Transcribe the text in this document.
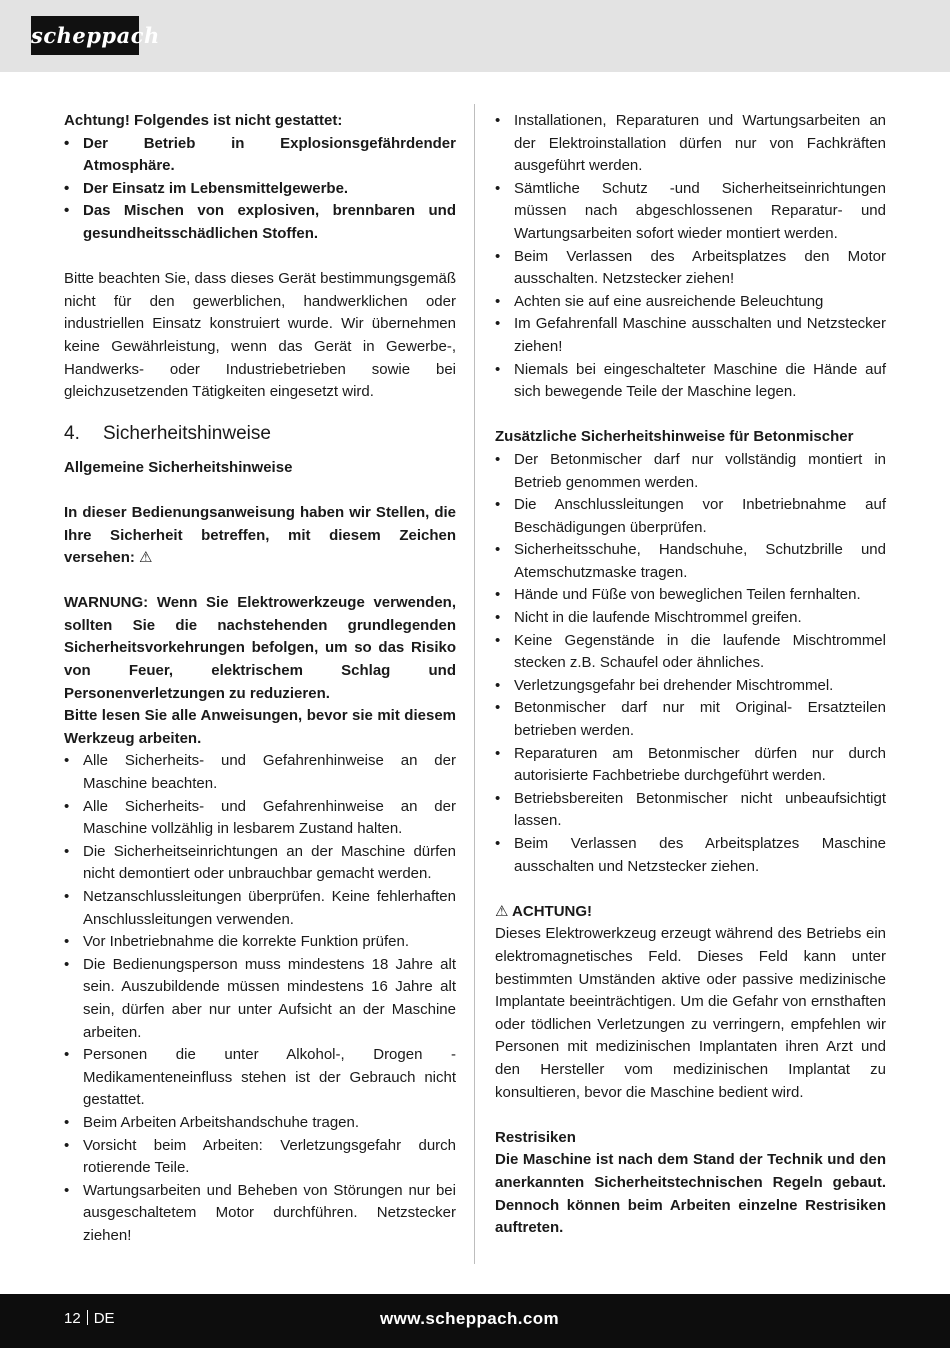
scheppach

Achtung! Folgendes ist nicht gestattet:

• Der Betrieb in Explosionsgefährdender Atmosphäre.
• Der Einsatz im Lebensmittelgewerbe.
• Das Mischen von explosiven, brennbaren und gesundheitsschädlichen Stoffen.

Bitte beachten Sie, dass dieses Gerät bestimmungsgemäß nicht für den gewerblichen, handwerklichen oder industriellen Einsatz konstruiert wurde. Wir übernehmen keine Gewährleistung, wenn das Gerät in Gewerbe-, Handwerks- oder Industriebetrieben sowie bei gleichzusetzenden Tätigkeiten eingesetzt wird.

4.	Sicherheitshinweise

Allgemeine Sicherheitshinweise

In dieser Bedienungsanweisung haben wir Stellen, die Ihre Sicherheit betreffen, mit diesem Zeichen versehen: ⚠

WARNUNG: Wenn Sie Elektrowerkzeuge verwenden, sollten Sie die nachstehenden grundlegenden Sicherheitsvorkehrungen befolgen, um so das Risiko von Feuer, elektrischem Schlag und Personenverletzungen zu reduzieren.

Bitte lesen Sie alle Anweisungen, bevor sie mit diesem Werkzeug arbeiten.

• Alle Sicherheits- und Gefahrenhinweise an der Maschine beachten.
• Alle Sicherheits- und Gefahrenhinweise an der Maschine vollzählig in lesbarem Zustand halten.
• Die Sicherheitseinrichtungen an der Maschine dürfen nicht demontiert oder unbrauchbar gemacht werden.
• Netzanschlussleitungen überprüfen. Keine fehlerhaften Anschlussleitungen verwenden.
• Vor Inbetriebnahme die korrekte Funktion prüfen.
• Die Bedienungsperson muss mindestens 18 Jahre alt sein. Auszubildende müssen mindestens 16 Jahre alt sein, dürfen aber nur unter Aufsicht an der Maschine arbeiten.
• Personen die unter Alkohol-, Drogen - Medikamenteneinfluss stehen ist der Gebrauch nicht gestattet.
• Beim Arbeiten Arbeitshandschuhe tragen.
• Vorsicht beim Arbeiten: Verletzungsgefahr durch rotierende Teile.
• Wartungsarbeiten und Beheben von Störungen nur bei ausgeschaltetem Motor durchführen. Netzstecker ziehen!
• Installationen, Reparaturen und Wartungsarbeiten an der Elektroinstallation dürfen nur von Fachkräften ausgeführt werden.
• Sämtliche Schutz -und Sicherheitseinrichtungen müssen nach abgeschlossenen Reparatur- und Wartungsarbeiten sofort wieder montiert werden.
• Beim Verlassen des Arbeitsplatzes den Motor ausschalten. Netzstecker ziehen!
• Achten sie auf eine ausreichende Beleuchtung
• Im Gefahrenfall Maschine ausschalten und Netzstecker ziehen!
• Niemals bei eingeschalteter Maschine die Hände auf sich bewegende Teile der Maschine legen.

Zusätzliche Sicherheitshinweise für Betonmischer

• Der Betonmischer darf nur vollständig montiert in Betrieb genommen werden.
• Die Anschlussleitungen vor Inbetriebnahme auf Beschädigungen überprüfen.
• Sicherheitsschuhe, Handschuhe, Schutzbrille und Atemschutzmaske tragen.
• Hände und Füße von beweglichen Teilen fernhalten.
• Nicht in die laufende Mischtrommel greifen.
• Keine Gegenstände in die laufende Mischtrommel stecken z.B. Schaufel oder ähnliches.
• Verletzungsgefahr bei drehender Mischtrommel.
• Betonmischer darf nur mit Original- Ersatzteilen betrieben werden.
• Reparaturen am Betonmischer dürfen nur durch autorisierte Fachbetriebe durchgeführt werden.
• Betriebsbereiten Betonmischer nicht unbeaufsichtigt lassen.
• Beim Verlassen des Arbeitsplatzes Maschine ausschalten und Netzstecker ziehen.

⚠ ACHTUNG!

Dieses Elektrowerkzeug erzeugt während des Betriebs ein elektromagnetisches Feld. Dieses Feld kann unter bestimmten Umständen aktive oder passive medizinische Implantate beeinträchtigen. Um die Gefahr von ernsthaften oder tödlichen Verletzungen zu verringern, empfehlen wir Personen mit medizinischen Implantaten ihren Arzt und den Hersteller vom medizinischen Implantat zu konsultieren, bevor die Maschine bedient wird.

Restrisiken

Die Maschine ist nach dem Stand der Technik und den anerkannten Sicherheitstechnischen Regeln gebaut. Dennoch können beim Arbeiten einzelne Restrisiken auftreten.

12 DE	www.scheppach.com
